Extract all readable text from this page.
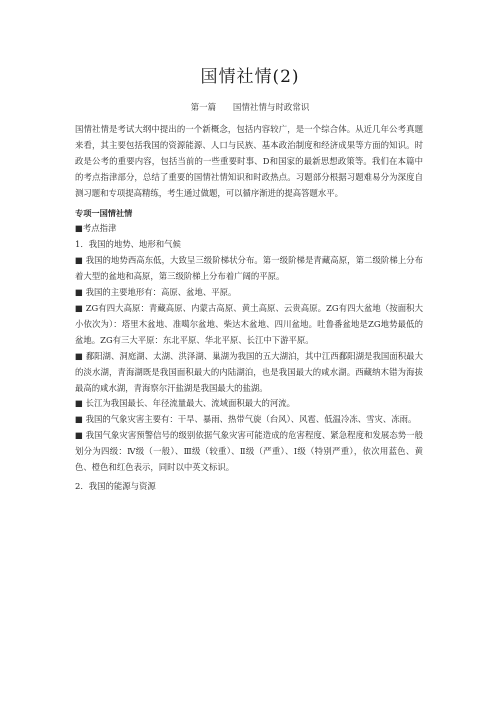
国情社情(2)
第一篇 国情社情与时政常识

国情社情是考试大纲中提出的一个新概念，包括内容较广，是一个综合体。从近几年公考真题来看，其主要包括我国的资源能源、人口与民族、基本政治制度和经济成果等方面的知识。时政是公考的重要内容，包括当前的一些重要时事、D和国家的最新思想政策等。我们在本篇中的考点指津部分，总结了重要的国情社情知识和时政热点。习题部分根据习题难易分为深度自测习题和专项提高精练，考生通过做题，可以循序渐进的提高答题水平。

专项一国情社情

■考点指津

1．我国的地势、地形和气候

■ 我国的地势西高东低，大致呈三级阶梯状分布。第一级阶梯是青藏高原，第二级阶梯上分布着大型的盆地和高原，第三级阶梯上分布着广阔的平原。

■ 我国的主要地形有：高原、盆地、平原。

■ ZG有四大高原：青藏高原、内蒙古高原、黄土高原、云贵高原。ZG有四大盆地（按面积大小依次为）：塔里木盆地、准噶尔盆地、柴达木盆地、四川盆地。吐鲁番盆地是ZG地势最低的盆地。ZG有三大平原：东北平原、华北平原、长江中下游平原。

■ 鄱阳湖、洞庭湖、太湖、洪泽湖、巢湖为我国的五大湖泊，其中江西鄱阳湖是我国面积最大的淡水湖，青海湖既是我国面积最大的内陆湖泊，也是我国最大的咸水湖。西藏纳木错为海拔最高的咸水湖，青海察尔汗盐湖是我国最大的盐湖。

■ 长江为我国最长、年径流量最大、流域面积最大的河流。

■ 我国的气象灾害主要有：干旱、暴雨、热带气旋（台风）、风雹、低温冷冻、雪灾、冻雨。

■ 我国气象灾害预警信号的级别依据气象灾害可能造成的危害程度、紧急程度和发展态势一般划分为四级：Ⅳ级（一般）、Ⅲ级（较重）、Ⅱ级（严重）、Ⅰ级（特别严重），依次用蓝色、黄色、橙色和红色表示，同时以中英文标识。

2．我国的能源与资源
